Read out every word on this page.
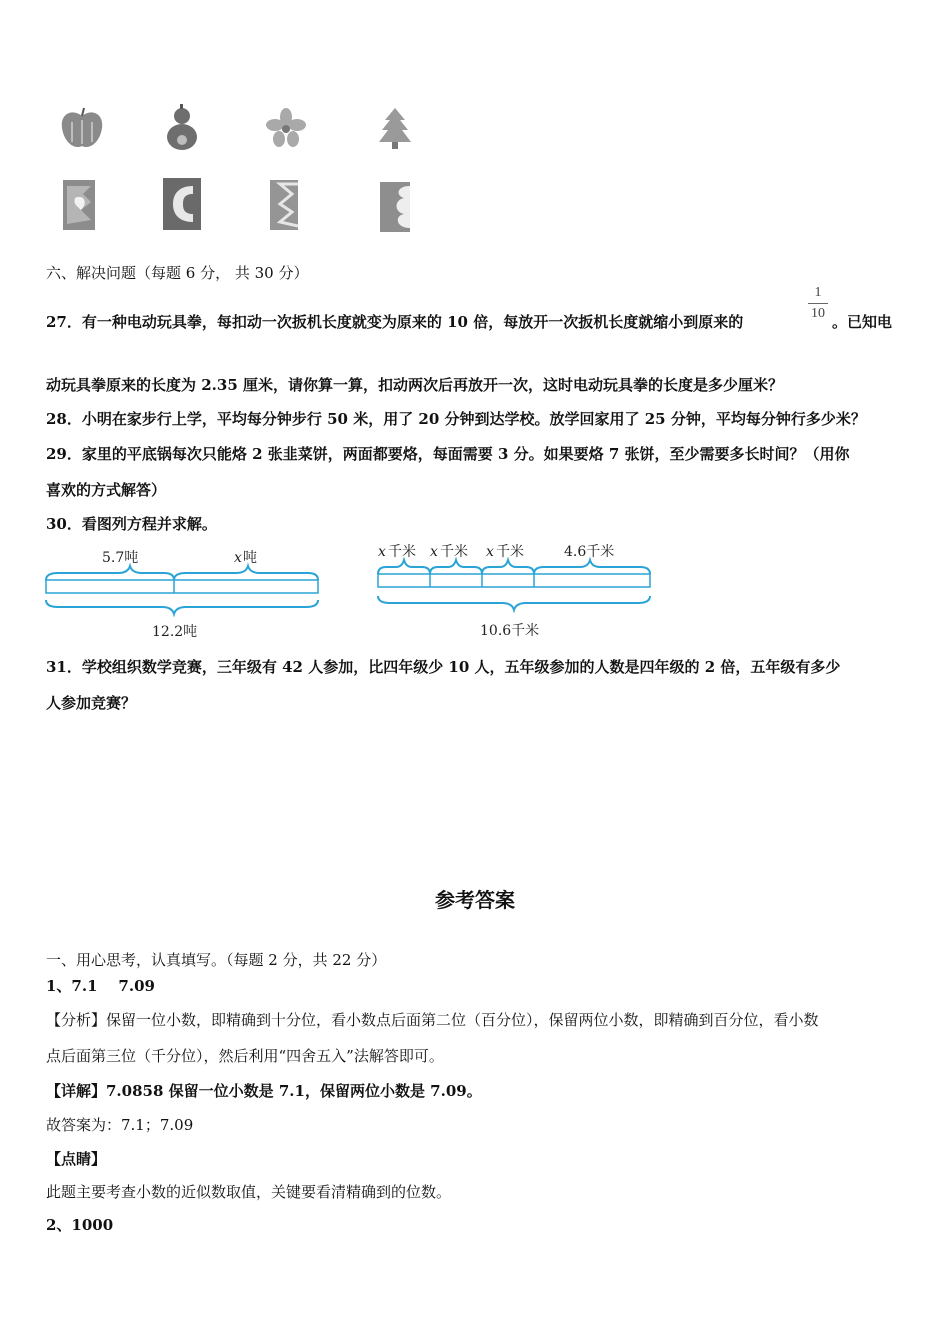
六、解决问题（每题 6 分， 共 30 分）
27．有一种电动玩具拳，每扣动一次扳机长度就变为原来的 10 倍，每放开一次扳机长度就缩小到原来的
1
10 。已知电
动玩具拳原来的长度为 2.35 厘米，请你算一算，扣动两次后再放开一次，这时电动玩具拳的长度是多少厘米？
28．小明在家步行上学，平均每分钟步行 50 米，用了 20 分钟到达学校。放学回家用了 25 分钟，平均每分钟行多少米？
29．家里的平底锅每次只能烙 2 张韭菜饼，两面都要烙，每面需要 3 分。如果要烙 7 张饼，至少需要多长时间？（用你
喜欢的方式解答）
30．看图列方程并求解。
5.7吨	x 吨
12.2吨
x 千米 x 千米 x 千米	4.6千米
10.6千米
31．学校组织数学竞赛，三年级有 42 人参加，比四年级少 10 人，五年级参加的人数是四年级的 2 倍，五年级有多少
人参加竞赛？
参考答案
一、用心思考，认真填写。（每题 2 分，共 22 分）
1、7.1    7.09
【分析】保留一位小数，即精确到十分位，看小数点后面第二位（百分位），保留两位小数，即精确到百分位，看小数
点后面第三位（千分位），然后利用“四舍五入”法解答即可。
【详解】7.0858 保留一位小数是 7.1，保留两位小数是 7.09。
故答案为：7.1；7.09
【点睛】
此题主要考查小数的近似数取值，关键要看清精确到的位数。
2、1000
